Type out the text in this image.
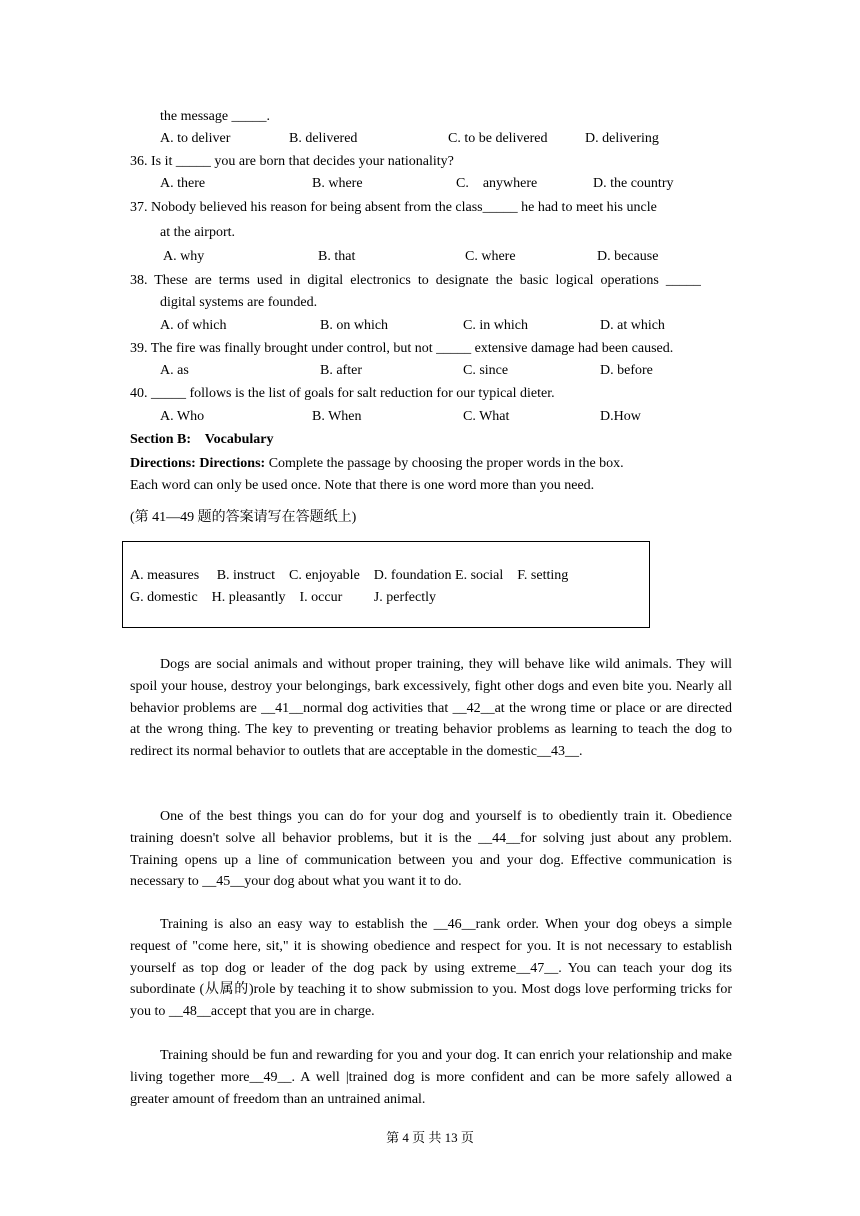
the message _____.
A. to deliver	B. delivered	C. to be delivered	D. delivering
36. Is it _____ you are born that decides your nationality?
A. there	B. where	C.    anywhere	D. the country
37. Nobody believed his reason for being absent from the class_____ he had to meet his uncle
at the airport.
A. why	B. that	C. where	D. because
38.  These  are  terms  used  in  digital  electronics  to  designate  the  basic  logical  operations  _____
digital systems are founded.
A. of which	B. on which	C. in which	D. at which
39. The fire was finally brought under control, but not _____ extensive damage had been caused.
A. as	B. after	C. since	D. before
40. _____ follows is the list of goals for salt reduction for our typical dieter.
A. Who	B. When	C. What	D.How
Section B:    Vocabulary
Directions: Directions: Complete the passage by choosing the proper words in the box.
Each word can only be used once. Note that there is one word more than you need.
(第 41—49 题的答案请写在答题纸上)
A. measures     B. instruct    C. enjoyable    D. foundation E. social    F. setting
G. domestic    H. pleasantly    I. occur         J. perfectly

Dogs are social animals and without proper training, they will behave like wild animals. They will spoil your house, destroy your belongings, bark excessively, fight other dogs and even bite you. Nearly all behavior problems are __41__normal dog activities that __42__at the wrong time or place or are directed at the wrong thing. The key to preventing or treating behavior problems as learning to teach the dog to redirect its normal behavior to outlets that are acceptable in the domestic__43__.

One of the best things you can do for your dog and yourself is to obediently train it. Obedience training doesn't solve all behavior problems, but it is the __44__for solving just about any problem. Training opens up a line of communication between you and your dog. Effective communication is necessary to __45__your dog about what you want it to do.

Training is also an easy way to establish the __46__rank order. When your dog obeys a simple request of "come here, sit," it is showing obedience and respect for you. It is not necessary to establish yourself as top dog or leader of the dog pack by using extreme__47__. You can teach your dog its subordinate (从属的)role by teaching it to show submission to you. Most dogs love performing tricks for you to __48__accept that you are in charge.

Training should be fun and rewarding for you and your dog. It can enrich your relationship and make living together more__49__. A well |trained dog is more confident and can be more safely allowed a greater amount of freedom than an untrained animal.

第 4 页 共 13 页
